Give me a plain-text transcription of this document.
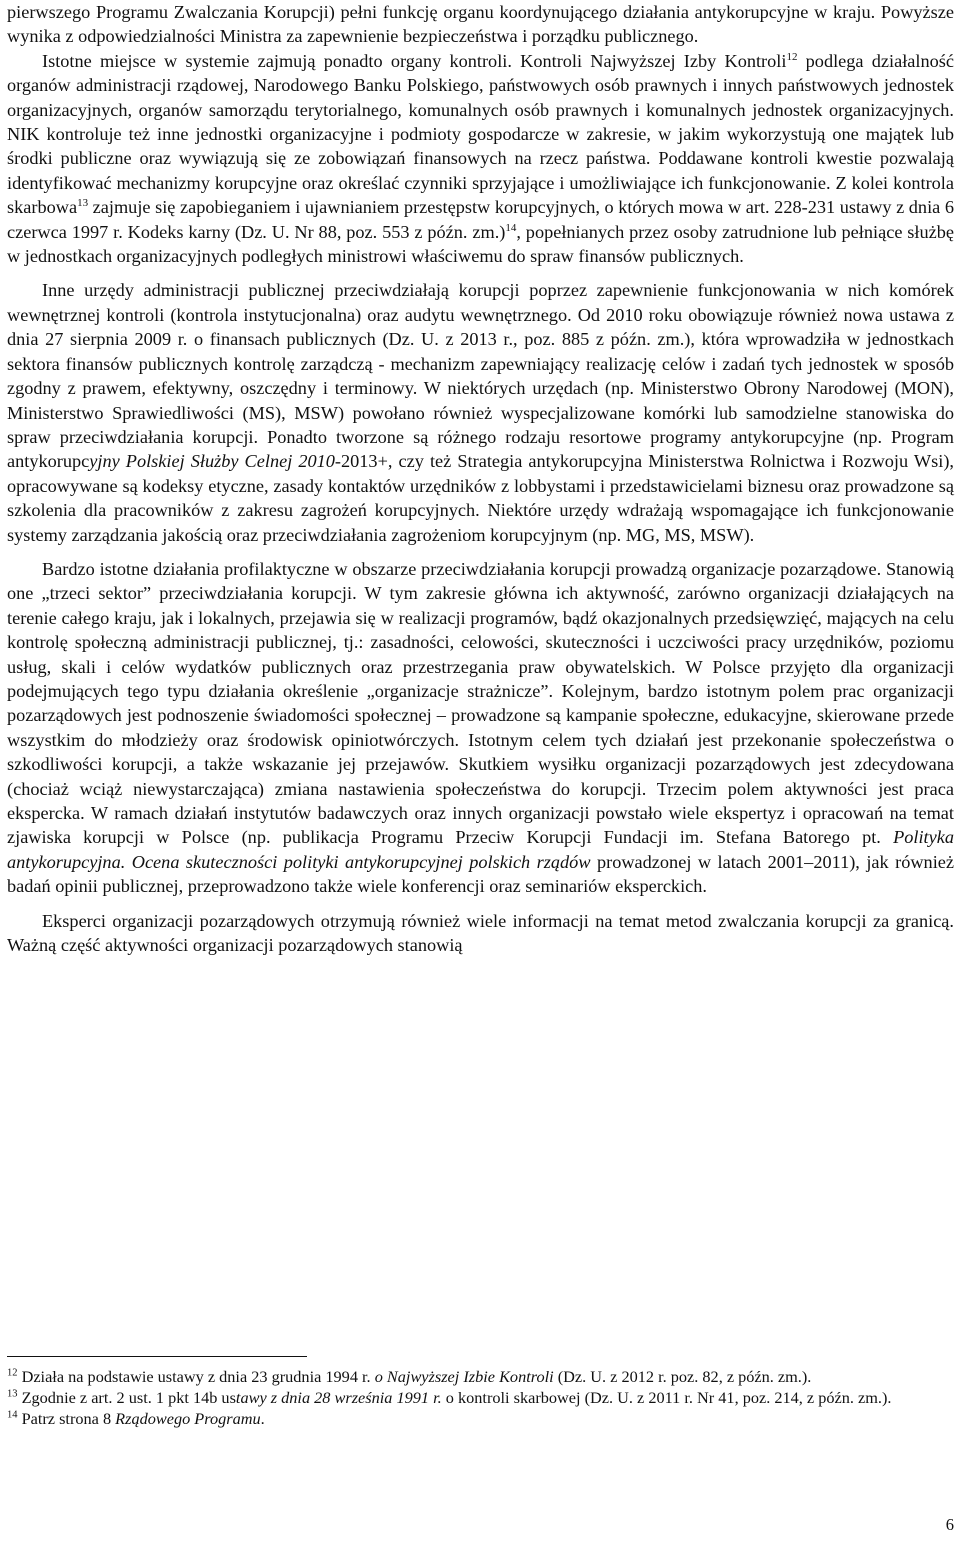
pierwszego Programu Zwalczania Korupcji) pełni funkcję organu koordynującego działania antykorupcyjne w kraju. Powyższe wynika z odpowiedzialności Ministra za zapewnienie bezpieczeństwa i porządku publicznego.

Istotne miejsce w systemie zajmują ponadto organy kontroli. Kontroli Najwyższej Izby Kontroli$^{12}$ podlega działalność organów administracji rządowej, Narodowego Banku Polskiego, państwowych osób prawnych i innych państwowych jednostek organizacyjnych, organów samorządu terytorialnego, komunalnych osób prawnych i komunalnych jednostek organizacyjnych. NIK kontroluje też inne jednostki organizacyjne i podmioty gospodarcze w zakresie, w jakim wykorzystują one majątek lub środki publiczne oraz wywiązują się ze zobowiązań finansowych na rzecz państwa. Poddawane kontroli kwestie pozwalają identyfikować mechanizmy korupcyjne oraz określać czynniki sprzyjające i umożliwiające ich funkcjonowanie. Z kolei kontrola skarbowa$^{13}$ zajmuje się zapobieganiem i ujawnianiem przestępstw korupcyjnych, o których mowa w art. 228-231 ustawy z dnia 6 czerwca 1997 r. Kodeks karny (Dz. U. Nr 88, poz. 553 z późn. zm.)$^{14}$, popełnianych przez osoby zatrudnione lub pełniące służbę w jednostkach organizacyjnych podległych ministrowi właściwemu do spraw finansów publicznych.

Inne urzędy administracji publicznej przeciwdziałają korupcji poprzez zapewnienie funkcjonowania w nich komórek wewnętrznej kontroli (kontrola instytucjonalna) oraz audytu wewnętrznego. Od 2010 roku obowiązuje również nowa ustawa z dnia 27 sierpnia 2009 r. o finansach publicznych (Dz. U. z 2013 r., poz. 885 z późn. zm.), która wprowadziła w jednostkach sektora finansów publicznych kontrolę zarządczą - mechanizm zapewniający realizację celów i zadań tych jednostek w sposób zgodny z prawem, efektywny, oszczędny i terminowy. W niektórych urzędach (np. Ministerstwo Obrony Narodowej (MON), Ministerstwo Sprawiedliwości (MS), MSW) powołano również wyspecjalizowane komórki lub samodzielne stanowiska do spraw przeciwdziałania korupcji. Ponadto tworzone są różnego rodzaju resortowe programy antykorupcyjne (np. Program antykorupcyjny Polskiej Służby Celnej 2010-2013+, czy też Strategia antykorupcyjna Ministerstwa Rolnictwa i Rozwoju Wsi), opracowywane są kodeksy etyczne, zasady kontaktów urzędników z lobbystami i przedstawicielami biznesu oraz prowadzone są szkolenia dla pracowników z zakresu zagrożeń korupcyjnych. Niektóre urzędy wdrażają wspomagające ich funkcjonowanie systemy zarządzania jakością oraz przeciwdziałania zagrożeniom korupcyjnym (np. MG, MS, MSW).

Bardzo istotne działania profilaktyczne w obszarze przeciwdziałania korupcji prowadzą organizacje pozarządowe. Stanowią one „trzeci sektor” przeciwdziałania korupcji. W tym zakresie główna ich aktywność, zarówno organizacji działających na terenie całego kraju, jak i lokalnych, przejawia się w realizacji programów, bądź okazjonalnych przedsięwzięć, mających na celu kontrolę społeczną administracji publicznej, tj.: zasadności, celowości, skuteczności i uczciwości pracy urzędników, poziomu usług, skali i celów wydatków publicznych oraz przestrzegania praw obywatelskich. W Polsce przyjęto dla organizacji podejmujących tego typu działania określenie „organizacje strażnicze”. Kolejnym, bardzo istotnym polem prac organizacji pozarządowych jest podnoszenie świadomości społecznej – prowadzone są kampanie społeczne, edukacyjne, skierowane przede wszystkim do młodzieży oraz środowisk opiniotwórczych. Istotnym celem tych działań jest przekonanie społeczeństwa o szkodliwości korupcji, a także wskazanie jej przejawów. Skutkiem wysiłku organizacji pozarządowych jest zdecydowana (chociaż wciąż niewystarczająca) zmiana nastawienia społeczeństwa do korupcji. Trzecim polem aktywności jest praca ekspercka. W ramach działań instytutów badawczych oraz innych organizacji powstało wiele ekspertyz i opracowań na temat zjawiska korupcji w Polsce (np. publikacja Programu Przeciw Korupcji Fundacji im. Stefana Batorego pt. Polityka antykorupcyjna. Ocena skuteczności polityki antykorupcyjnej polskich rządów prowadzonej w latach 2001–2011), jak również badań opinii publicznej, przeprowadzono także wiele konferencji oraz seminariów eksperckich.

Eksperci organizacji pozarządowych otrzymują również wiele informacji na temat metod zwalczania korupcji za granicą. Ważną część aktywności organizacji pozarządowych stanowią

$^{12}$ Działa na podstawie ustawy z dnia 23 grudnia 1994 r. o Najwyższej Izbie Kontroli (Dz. U. z 2012 r. poz. 82, z późn. zm.).

$^{13}$ Zgodnie z art. 2 ust. 1 pkt 14b ustawy z dnia 28 września 1991 r. o kontroli skarbowej (Dz. U. z 2011 r. Nr 41, poz. 214, z późn. zm.).

$^{14}$ Patrz strona 8 Rządowego Programu.

6
